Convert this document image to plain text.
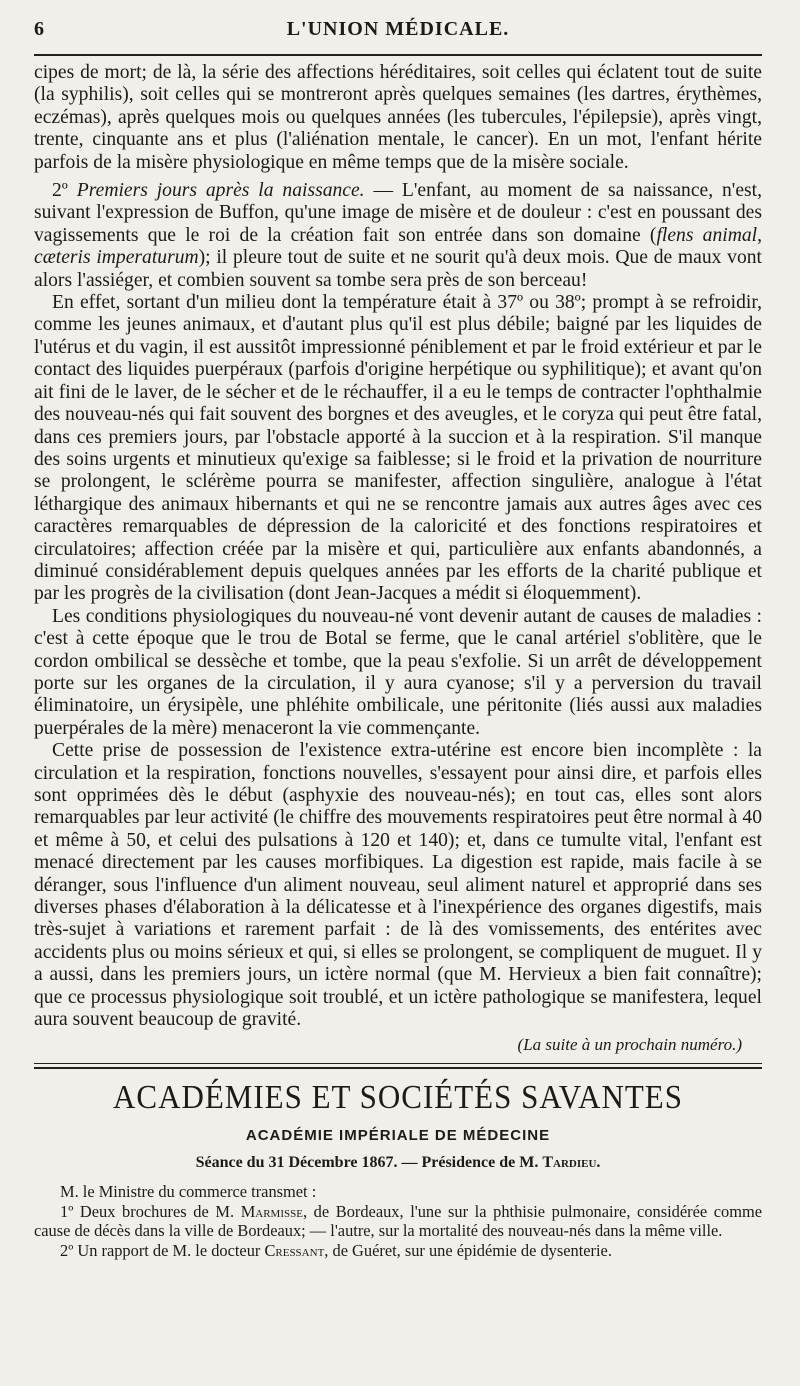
6	L'UNION MÉDICALE.

cipes de mort; de là, la série des affections héréditaires, soit celles qui éclatent tout de suite (la syphilis), soit celles qui se montreront après quelques semaines (les dartres, érythèmes, eczémas), après quelques mois ou quelques années (les tubercules, l'épilepsie), après vingt, trente, cinquante ans et plus (l'aliénation mentale, le cancer). En un mot, l'enfant hérite parfois de la misère physiologique en même temps que de la misère sociale.

2º Premiers jours après la naissance. — L'enfant, au moment de sa naissance, n'est, suivant l'expression de Buffon, qu'une image de misère et de douleur : c'est en poussant des vagissements que le roi de la création fait son entrée dans son domaine (flens animal, cæteris imperaturum); il pleure tout de suite et ne sourit qu'à deux mois. Que de maux vont alors l'assiéger, et combien souvent sa tombe sera près de son berceau!

En effet, sortant d'un milieu dont la température était à 37º ou 38º; prompt à se refroidir, comme les jeunes animaux, et d'autant plus qu'il est plus débile; baigné par les liquides de l'utérus et du vagin, il est aussitôt impressionné péniblement et par le froid extérieur et par le contact des liquides puerpéraux (parfois d'origine herpétique ou syphilitique); et avant qu'on ait fini de le laver, de le sécher et de le réchauffer, il a eu le temps de contracter l'ophthalmie des nouveau-nés qui fait souvent des borgnes et des aveugles, et le coryza qui peut être fatal, dans ces premiers jours, par l'obstacle apporté à la succion et à la respiration. S'il manque des soins urgents et minutieux qu'exige sa faiblesse; si le froid et la privation de nourriture se prolongent, le sclérème pourra se manifester, affection singulière, analogue à l'état léthargique des animaux hibernants et qui ne se rencontre jamais aux autres âges avec ces caractères remarquables de dépression de la caloricité et des fonctions respiratoires et circulatoires; affection créée par la misère et qui, particulière aux enfants abandonnés, a diminué considérablement depuis quelques années par les efforts de la charité publique et par les progrès de la civilisation (dont Jean-Jacques a médit si éloquemment).

Les conditions physiologiques du nouveau-né vont devenir autant de causes de maladies : c'est à cette époque que le trou de Botal se ferme, que le canal artériel s'oblitère, que le cordon ombilical se dessèche et tombe, que la peau s'exfolie. Si un arrêt de développement porte sur les organes de la circulation, il y aura cyanose; s'il y a perversion du travail éliminatoire, un érysipèle, une phléhite ombilicale, une péritonite (liés aussi aux maladies puerpérales de la mère) menaceront la vie commençante.

Cette prise de possession de l'existence extra-utérine est encore bien incomplète : la circulation et la respiration, fonctions nouvelles, s'essayent pour ainsi dire, et parfois elles sont opprimées dès le début (asphyxie des nouveau-nés); en tout cas, elles sont alors remarquables par leur activité (le chiffre des mouvements respiratoires peut être normal à 40 et même à 50, et celui des pulsations à 120 et 140); et, dans ce tumulte vital, l'enfant est menacé directement par les causes morfibiques. La digestion est rapide, mais facile à se déranger, sous l'influence d'un aliment nouveau, seul aliment naturel et approprié dans ses diverses phases d'élaboration à la délicatesse et à l'inexpérience des organes digestifs, mais très-sujet à variations et rarement parfait : de là des vomissements, des entérites avec accidents plus ou moins sérieux et qui, si elles se prolongent, se compliquent de muguet. Il y a aussi, dans les premiers jours, un ictère normal (que M. Hervieux a bien fait connaître); que ce processus physiologique soit troublé, et un ictère pathologique se manifestera, lequel aura souvent beaucoup de gravité.

(La suite à un prochain numéro.)
ACADÉMIES ET SOCIÉTÉS SAVANTES
ACADÉMIE IMPÉRIALE DE MÉDECINE
Séance du 31 Décembre 1867. — Présidence de M. Tardieu.

M. le Ministre du commerce transmet :

1º Deux brochures de M. Marmisse, de Bordeaux, l'une sur la phthisie pulmonaire, considérée comme cause de décès dans la ville de Bordeaux; — l'autre, sur la mortalité des nouveau-nés dans la même ville.

2º Un rapport de M. le docteur Cressant, de Guéret, sur une épidémie de dysenterie.
